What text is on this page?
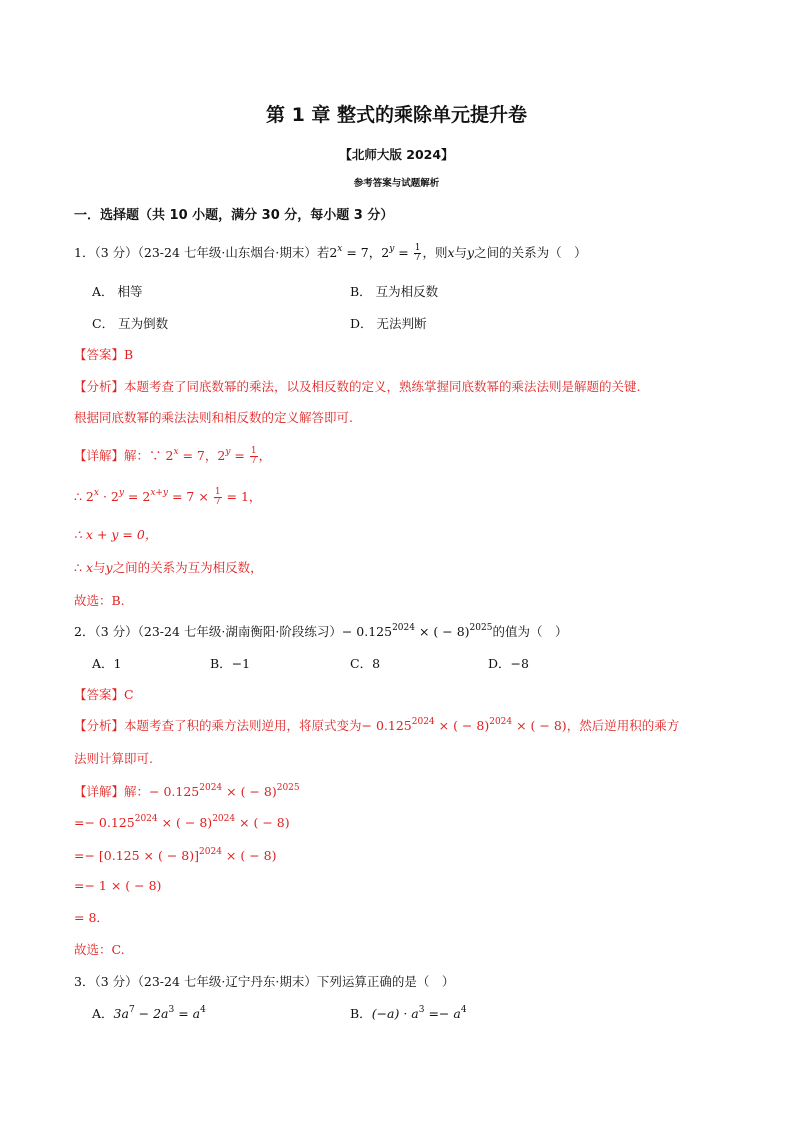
第 1 章 整式的乘除单元提升卷
【北师大版 2024】
参考答案与试题解析
一．选择题（共 10 小题，满分 30 分，每小题 3 分）
1．（3 分）（23-24 七年级·山东烟台·期末）若$2^x = 7$，$2^y = \frac{1}{7}$ ，则x与y之间的关系为（　）
A． 相等	B． 互为相反数
C． 互为倒数	D． 无法判断
【答案】B
【分析】本题考查了同底数幂的乘法，以及相反数的定义，熟练掌握同底数幂的乘法法则是解题的关键.
根据同底数幂的乘法法则和相反数的定义解答即可.
【详解】解：∵ $2^x = 7$，$2^y = \frac{1}{7}$ ，
∴ $2^x \cdot 2^y = 2^{x+y} = 7 \times \frac{1}{7} = 1$，
∴ x + y = 0，
∴ x与y之间的关系为互为相反数，
故选：B.
2．（3 分）（23-24 七年级·湖南衡阳·阶段练习）− $0.125^{2024}$ × ( − 8)$^{2025}$的值为（　）
A．1	B．−1	C．8	D．−8
【答案】C
【分析】本题考查了积的乘方法则逆用，将原式变为− $0.125^{2024}$ × ( − 8)$^{2024}$ × ( − 8)，然后逆用积的乘方
法则计算即可.
【详解】解：− $0.125^{2024}$ × ( − 8)$^{2025}$
=− $0.125^{2024}$ × ( − 8)$^{2024}$ × ( − 8)
=− [0.125 × ( − 8)]$^{2024}$ × ( − 8)
=− 1 × ( − 8)
= 8．
故选：C.
3．（3 分）（23-24 七年级·辽宁丹东·期末）下列运算正确的是（　）
A．$3a^7 - 2a^3 = a^4$	B．$(-a) \cdot a^3 =- a^4$
